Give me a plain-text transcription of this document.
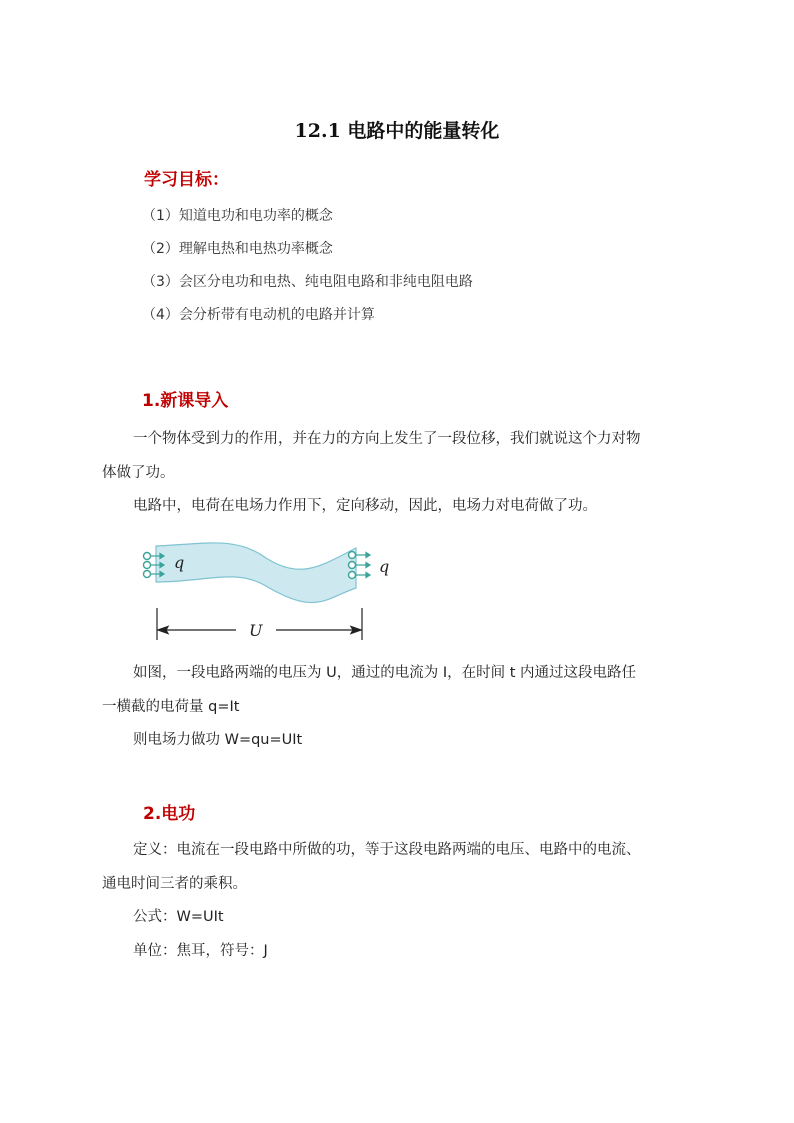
12.1 电路中的能量转化
学习目标：
（1）知道电功和电功率的概念
（2）理解电热和电热功率概念
（3）会区分电功和电热、纯电阻电路和非纯电阻电路
（4）会分析带有电动机的电路并计算
1.新课导入
一个物体受到力的作用，并在力的方向上发生了一段位移，我们就说这个力对物
体做了功。
电路中，电荷在电场力作用下，定向移动，因此，电场力对电荷做了功。
q	q
U
如图，一段电路两端的电压为 U，通过的电流为 I，在时间 t 内通过这段电路任
一横截的电荷量 q=It
则电场力做功 W=qu=UIt
2.电功
定义：电流在一段电路中所做的功，等于这段电路两端的电压、电路中的电流、
通电时间三者的乘积。
公式：W=UIt
单位：焦耳，符号：J
